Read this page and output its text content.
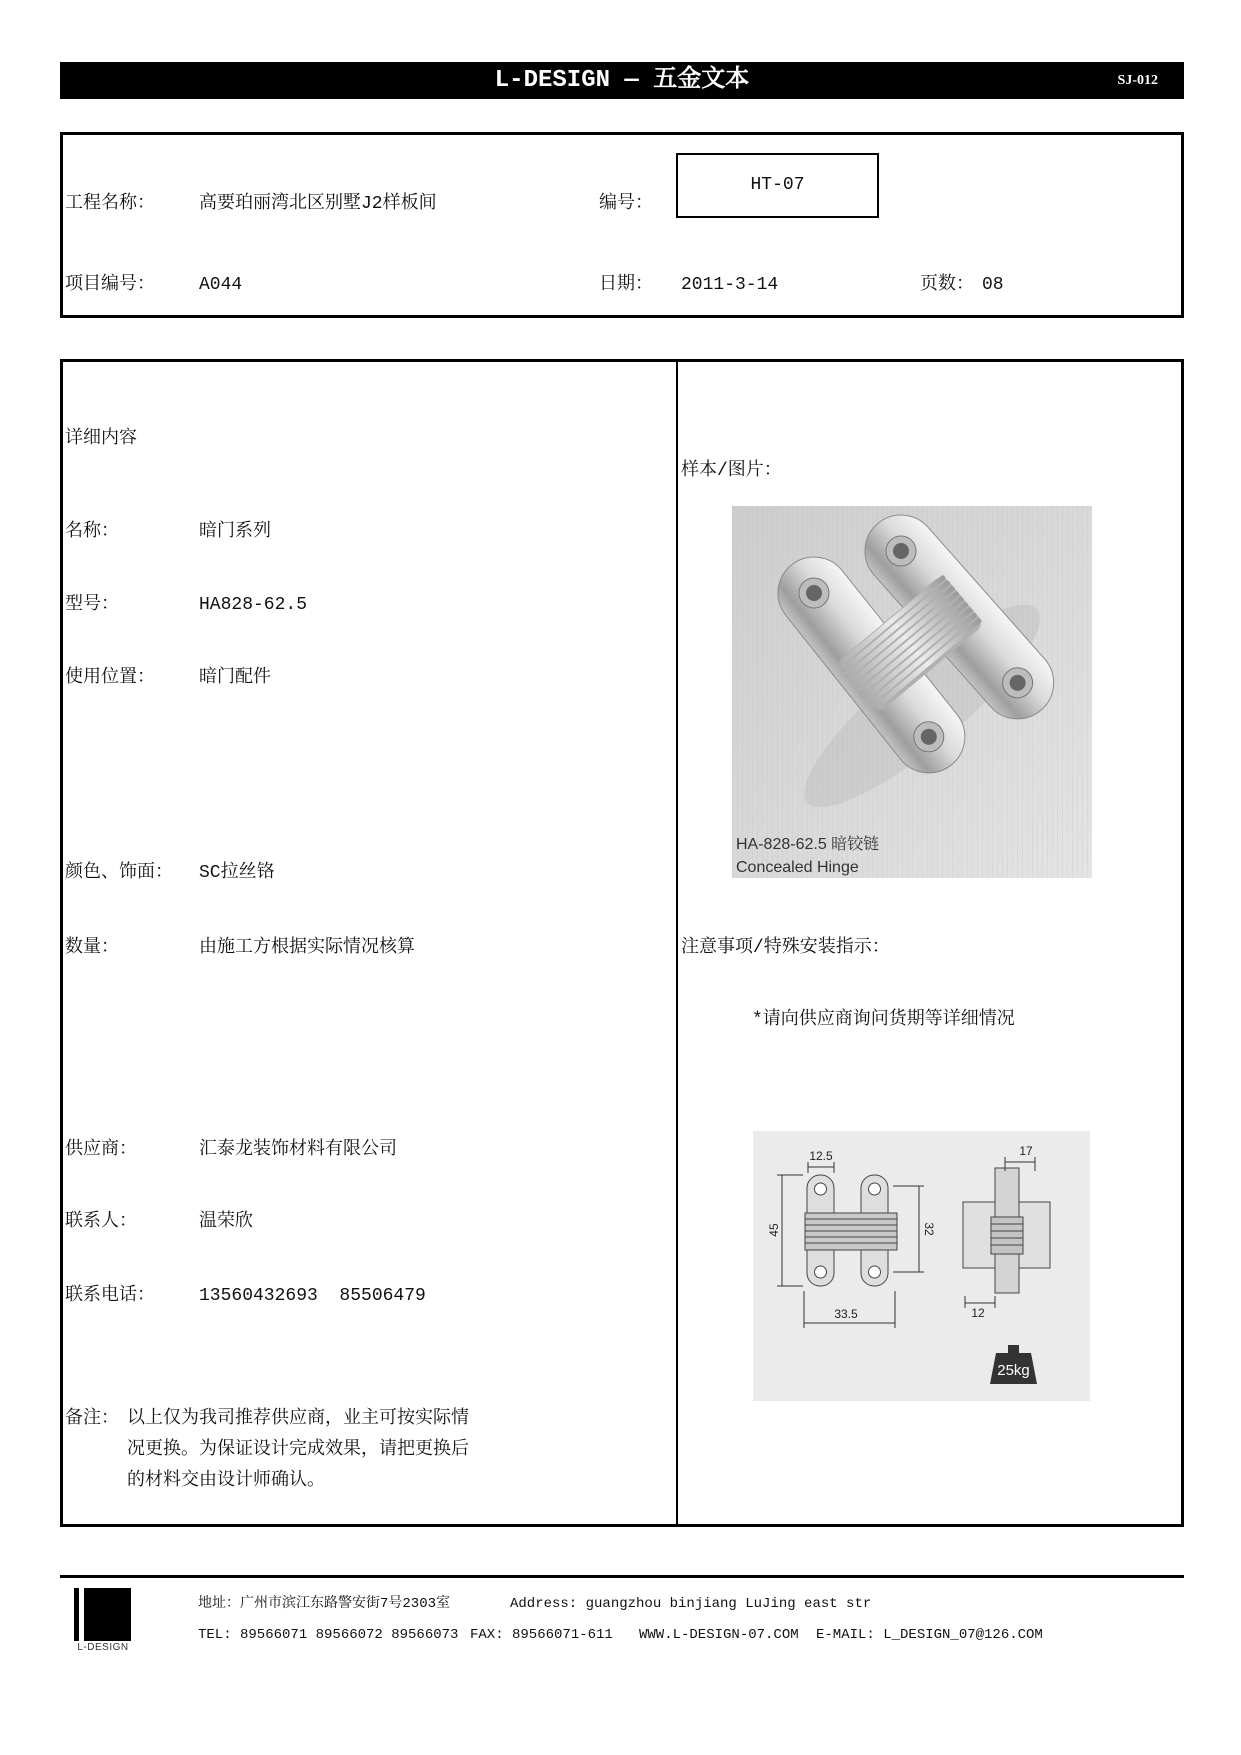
L-DESIGN — 五金文本	SJ-012
工程名称： 高要珀丽湾北区别墅J2样板间	编号：
HT-07
项目编号： A044	日期： 2011-3-14	页数： 08
详细内容
名称：	暗门系列
型号：	HA828-62.5
使用位置： 暗门配件
颜色、饰面： SC拉丝铬
数量：	由施工方根据实际情况核算
供应商：	汇泰龙装饰材料有限公司
联系人：	温荣欣
联系电话： 13560432693  85506479
备注： 以上仅为我司推荐供应商，业主可按实际情
况更换。为保证设计完成效果，请把更换后
的材料交由设计师确认。
样本/图片：
HA-828-62.5 暗铰链
Concealed Hinge
注意事项/特殊安装指示：
*请向供应商询问货期等详细情况
12.5
45	32
33.5
17
12
25kg
L-DESIGN
地址：广州市滨江东路警安街7号2303室	Address: guangzhou binjiang LuJing east str
TEL: 89566071 89566072 89566073 FAX: 89566071-611 WWW.L-DESIGN-07.COM E-MAIL: L_DESIGN_07@126.COM
